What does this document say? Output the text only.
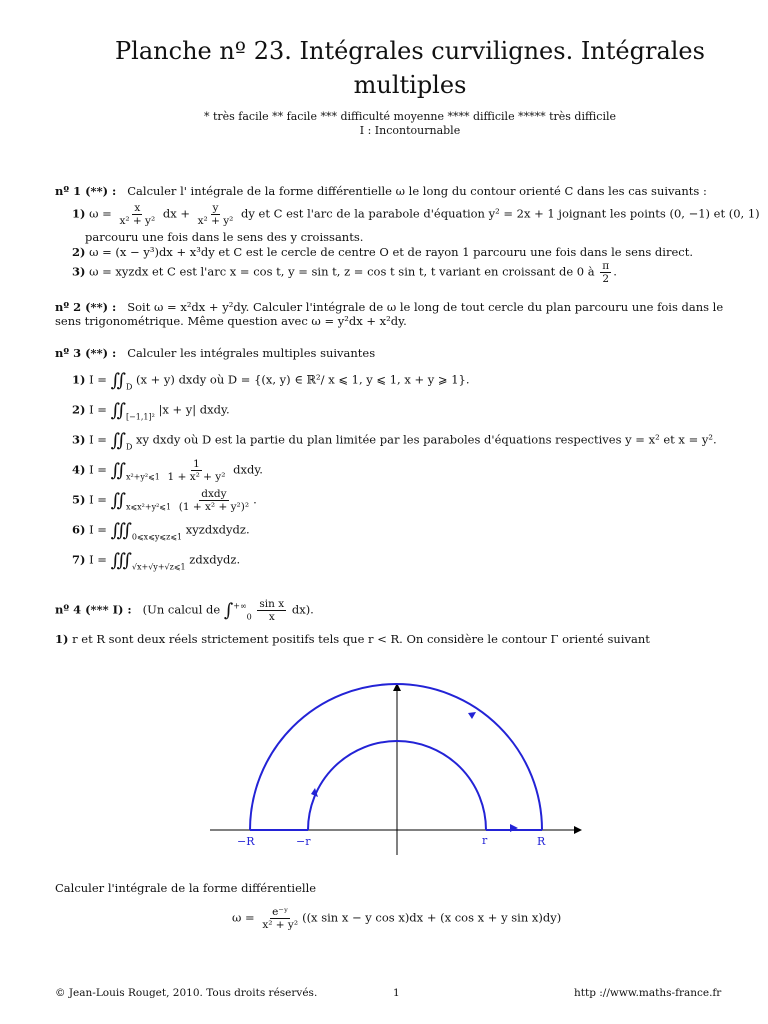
Planche nº 23. Intégrales curvilignes. Intégrales multiples
* très facile ** facile *** difficulté moyenne **** difficile ***** très difficile
I : Incontournable
nº 1 (**) : Calculer l' intégrale de la forme différentielle ω le long du contour orienté C dans les cas suivants :
1) $\omega = \frac{x}{\text{x² + y²}}$ dx + $\frac{y}{\text{x² + y²}}$ dy et C est l'arc de la parabole d'équation y² = 2x + 1 joignant les points (0, −1) et (0, 1)
parcouru une fois dans le sens des y croissants.
2) ω = (x − y³)dx + x³dy et C est le cercle de centre O et de rayon 1 parcouru une fois dans le sens direct.
3) ω = xyzdx et C est l'arc x = cos t, y = sin t, z = cos t sin t, t variant en croissant de 0 à $\frac{\pi}{2}$ .
nº 2 (**) : Soit ω = x²dx + y²dy. Calculer l'intégrale de ω le long de tout cercle du plan parcouru une fois dans le sens trigonométrique. Même question avec ω = y²dx + x²dy.
nº 3 (**) : Calculer les intégrales multiples suivantes
1) $I = ∬_D$ (x + y) dxdy où D = {(x, y) ∈ ℝ²/ x ⩽ 1, y ⩽ 1, x + y ⩾ 1}.
2) $I = ∬_{[-1,1]^2}$ |x + y| dxdy.
3) $I = ∬_D$ xy dxdy où D est la partie du plan limitée par les paraboles d'équations respectives y = x² et x = y².
4) $I = ∬_{x^2+y^2⩽1} \frac{1}{\text{1 + x² + y²}}$ dxdy.
5) $I = ∬_{x⩽x^2+y^2⩽1} \frac{\text{dxdy}}{\text{(1 + x² + y²)²}}$ .
6) $I = ∭_{0⩽x⩽y⩽z⩽1}$ xyzdxdydz.
7) $I = ∭_{√x+√y+√z⩽1}$ zdxdydz.
nº 4 (*** I) : (Un calcul de $\int^{+\infty}_0 \frac{\text{sin x}}{x} dx$).
1) r et R sont deux réels strictement positifs tels que r < R. On considère le contour Γ orienté suivant
−R	−r	r	R
Calculer l'intégrale de la forme différentielle
$\omega = \frac{\text{e⁻ʸ}}{\text{x² + y²}} ((x$ sin x − y cos x)dx + (x cos x + y sin x)dy)
© Jean-Louis Rouget, 2010. Tous droits réservés.	1	http ://www.maths-france.fr
